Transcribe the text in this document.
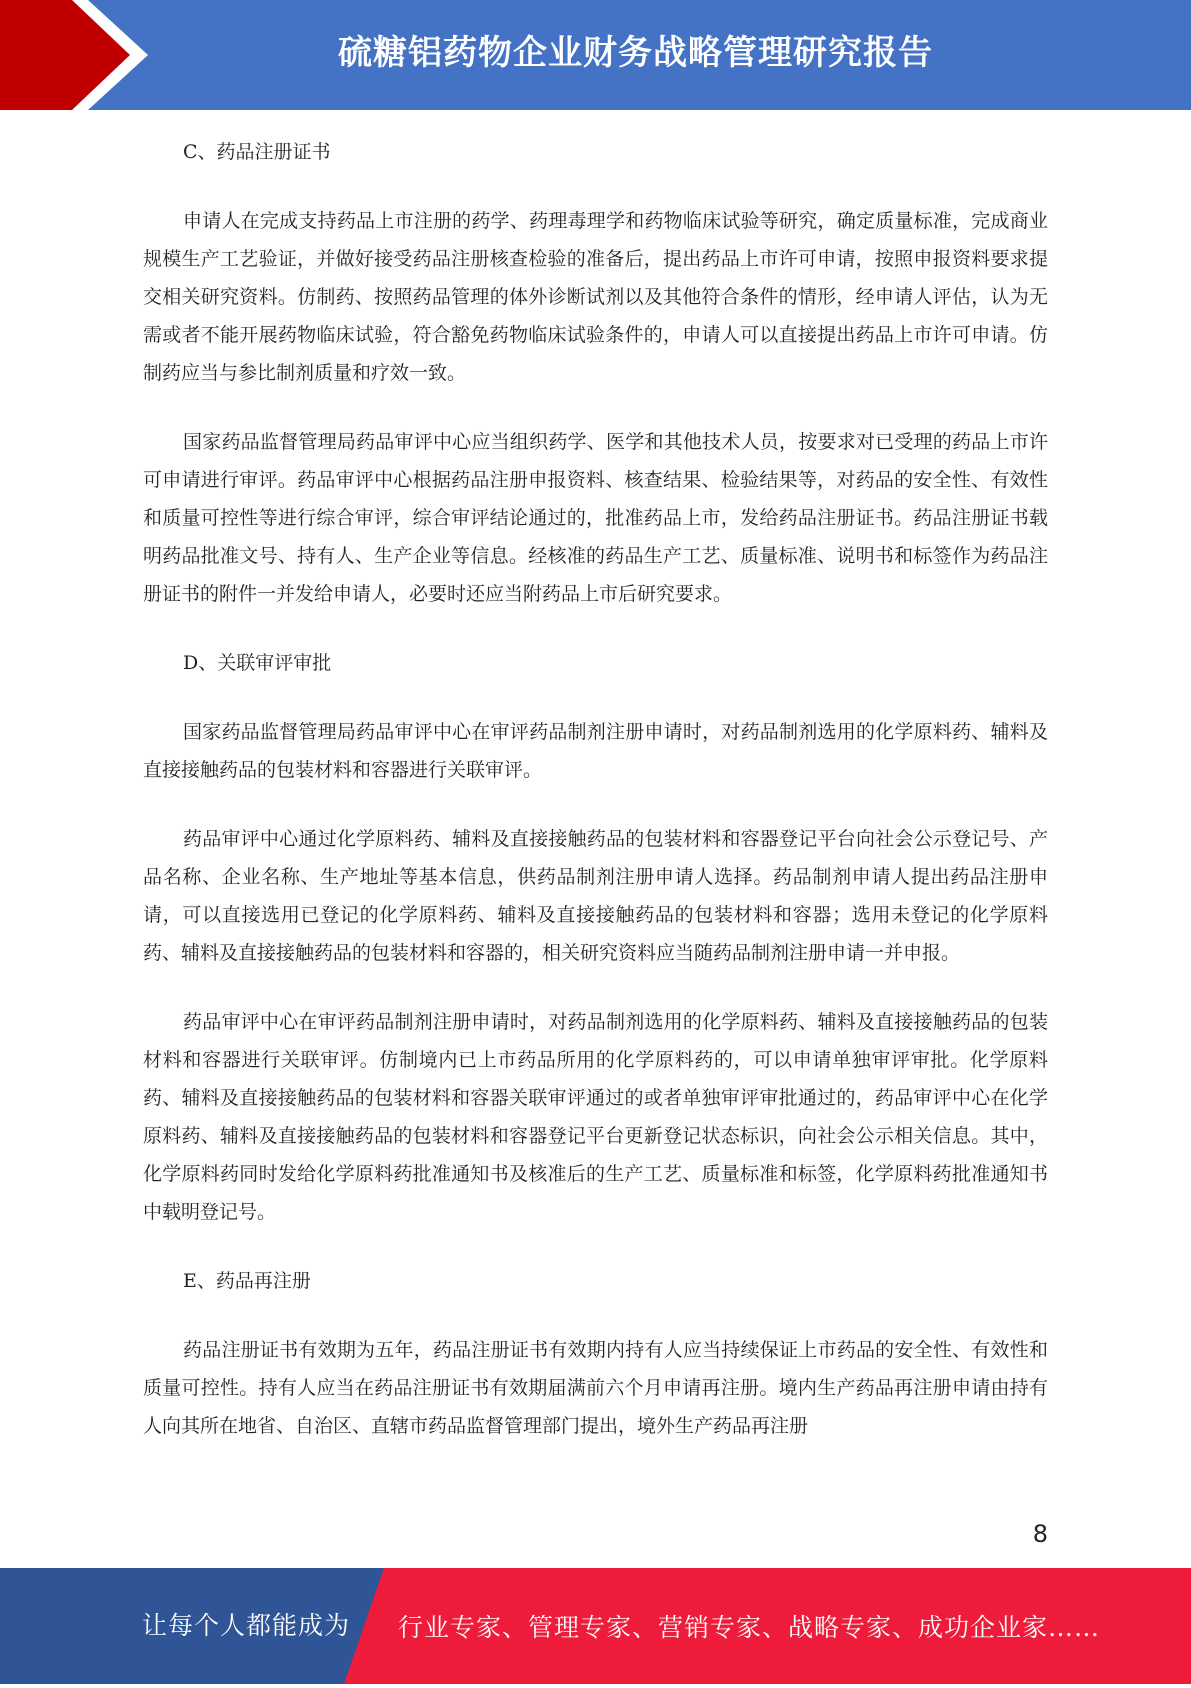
硫糖铝药物企业财务战略管理研究报告

C、药品注册证书

申请人在完成支持药品上市注册的药学、药理毒理学和药物临床试验等研究，确定质量标准，完成商业规模生产工艺验证，并做好接受药品注册核查检验的准备后，提出药品上市许可申请，按照申报资料要求提交相关研究资料。仿制药、按照药品管理的体外诊断试剂以及其他符合条件的情形，经申请人评估，认为无需或者不能开展药物临床试验，符合豁免药物临床试验条件的，申请人可以直接提出药品上市许可申请。仿制药应当与参比制剂质量和疗效一致。

国家药品监督管理局药品审评中心应当组织药学、医学和其他技术人员，按要求对已受理的药品上市许可申请进行审评。药品审评中心根据药品注册申报资料、核查结果、检验结果等，对药品的安全性、有效性和质量可控性等进行综合审评，综合审评结论通过的，批准药品上市，发给药品注册证书。药品注册证书载明药品批准文号、持有人、生产企业等信息。经核准的药品生产工艺、质量标准、说明书和标签作为药品注册证书的附件一并发给申请人，必要时还应当附药品上市后研究要求。

D、关联审评审批

国家药品监督管理局药品审评中心在审评药品制剂注册申请时，对药品制剂选用的化学原料药、辅料及直接接触药品的包装材料和容器进行关联审评。

药品审评中心通过化学原料药、辅料及直接接触药品的包装材料和容器登记平台向社会公示登记号、产品名称、企业名称、生产地址等基本信息，供药品制剂注册申请人选择。药品制剂申请人提出药品注册申请，可以直接选用已登记的化学原料药、辅料及直接接触药品的包装材料和容器；选用未登记的化学原料药、辅料及直接接触药品的包装材料和容器的，相关研究资料应当随药品制剂注册申请一并申报。

药品审评中心在审评药品制剂注册申请时，对药品制剂选用的化学原料药、辅料及直接接触药品的包装材料和容器进行关联审评。仿制境内已上市药品所用的化学原料药的，可以申请单独审评审批。化学原料药、辅料及直接接触药品的包装材料和容器关联审评通过的或者单独审评审批通过的，药品审评中心在化学原料药、辅料及直接接触药品的包装材料和容器登记平台更新登记状态标识，向社会公示相关信息。其中，化学原料药同时发给化学原料药批准通知书及核准后的生产工艺、质量标准和标签，化学原料药批准通知书中载明登记号。

E、药品再注册

药品注册证书有效期为五年，药品注册证书有效期内持有人应当持续保证上市药品的安全性、有效性和质量可控性。持有人应当在药品注册证书有效期届满前六个月申请再注册。境内生产药品再注册申请由持有人向其所在地省、自治区、直辖市药品监督管理部门提出，境外生产药品再注册

8
让每个人都能成为 行业专家、管理专家、营销专家、战略专家、成功企业家……
